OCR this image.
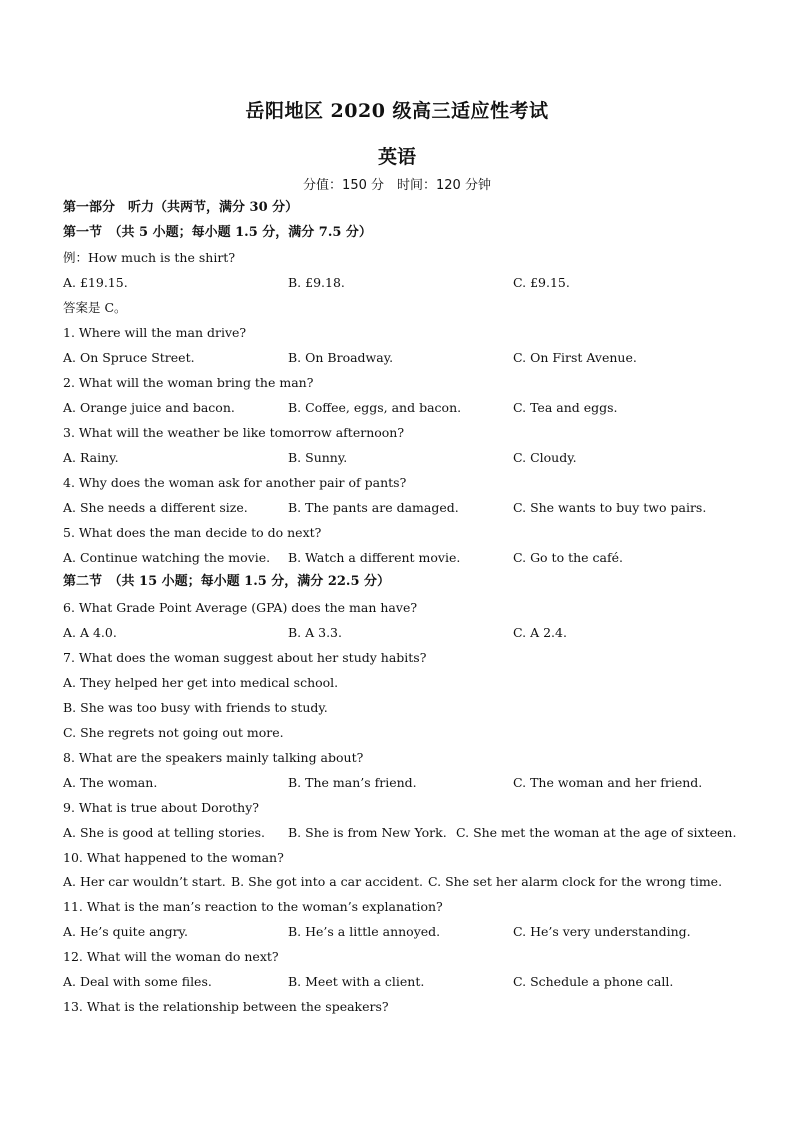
岳阳地区 2020 级高三适应性考试
英语
分值：150 分　时间：120 分钟
第一部分　听力（共两节，满分 30 分）
第一节　（共 5 小题；每小题 1.5 分，满分 7.5 分）
例：How much is the shirt?
A. £19.15.	B. £9.18.	C. £9.15.
答案是 C。
1. Where will the man drive?
A. On Spruce Street.	B. On Broadway.	C. On First Avenue.
2. What will the woman bring the man?
A. Orange juice and bacon.	B. Coffee, eggs, and bacon.	C. Tea and eggs.
3. What will the weather be like tomorrow afternoon?
A. Rainy.	B. Sunny.	C. Cloudy.
4. Why does the woman ask for another pair of pants?
A. She needs a different size.	B. The pants are damaged.	C. She wants to buy two pairs.
5. What does the man decide to do next?
A. Continue watching the movie. B. Watch a different movie.	C. Go to the café.
第二节　（共 15 小题；每小题 1.5 分，满分 22.5 分）
6. What Grade Point Average (GPA) does the man have?
A. A 4.0.	B. A 3.3.	C. A 2.4.
7. What does the woman suggest about her study habits?
A. They helped her get into medical school.
B. She was too busy with friends to study.
C. She regrets not going out more.
8. What are the speakers mainly talking about?
A. The woman.	B. The man’s friend.	C. The woman and her friend.
9. What is true about Dorothy?
A. She is good at telling stories. B. She is from New York. C. She met the woman at the age of sixteen.
10. What happened to the woman?
A. Her car wouldn’t start. B. She got into a car accident. C. She set her alarm clock for the wrong time.
11. What is the man’s reaction to the woman’s explanation?
A. He’s quite angry.	B. He’s a little annoyed.	C. He’s very understanding.
12. What will the woman do next?
A. Deal with some files.	B. Meet with a client.	C. Schedule a phone call.
13. What is the relationship between the speakers?
